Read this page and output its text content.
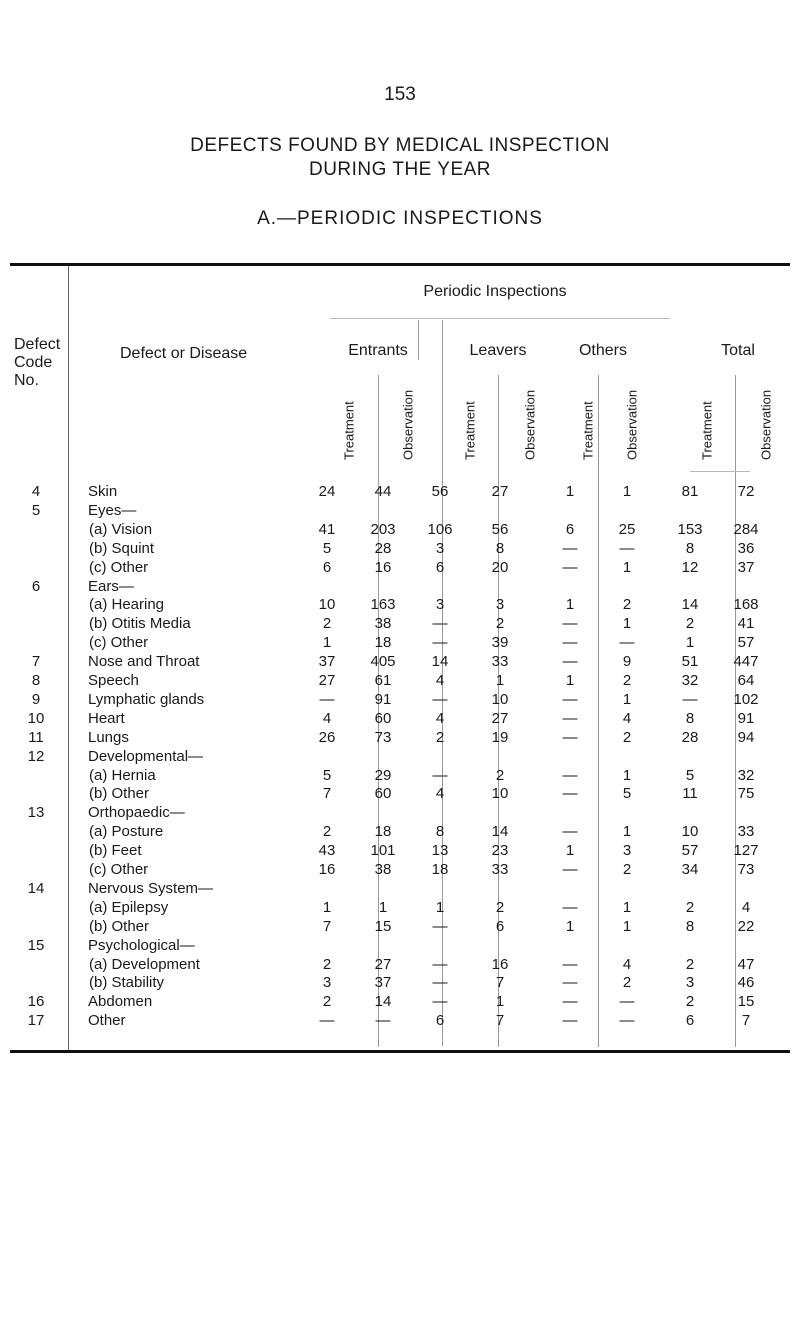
153
DEFECTS FOUND BY MEDICAL INSPECTION
DURING THE YEAR
A.—PERIODIC INSPECTIONS
Periodic Inspections
Defect
Code
No.
Defect or Disease	Entrants	Leavers	Others	Total
Treatment	Observation	Treatment	Observation	Treatment Observation	Treatment	Observation
4	Skin	24	44	56	27	1	1	81	72
5	Eyes—
(a) Vision	41	203	106	56	6	25	153	284
(b) Squint	5	28	3	8	—	—	8	36
(c) Other	6	16	6	20	—	1	12	37
6	Ears—
(a) Hearing	10	163	3	3	1	2	14	168
(b) Otitis Media	2	38	—	2	—	1	2	41
(c) Other	1	18	—	39	—	—	1	57
7	Nose and Throat	37	405	14	33	—	9	51	447
8	Speech	27	61	4	1	1	2	32	64
9	Lymphatic glands	—	91	—	10	—	1	—	102
10	Heart	4	60	4	27	—	4	8	91
11	Lungs	26	73	2	19	—	2	28	94
12	Developmental—
(a) Hernia	5	29	—	2	—	1	5	32
(b) Other	7	60	4	10	—	5	11	75
13	Orthopaedic—
(a) Posture	2	18	8	14	—	1	10	33
(b) Feet	43	101	13	23	1	3	57	127
(c) Other	16	38	18	33	—	2	34	73
14	Nervous System—
(a) Epilepsy	1	1	1	2	—	1	2	4
(b) Other	7	15	—	6	1	1	8	22
15	Psychological—
(a) Development	2	27	—	16	—	4	2	47
(b) Stability	3	37	—	7	—	2	3	46
16	Abdomen	2	14	—	1	—	—	2	15
17	Other	—	—	6	7	—	—	6	7
